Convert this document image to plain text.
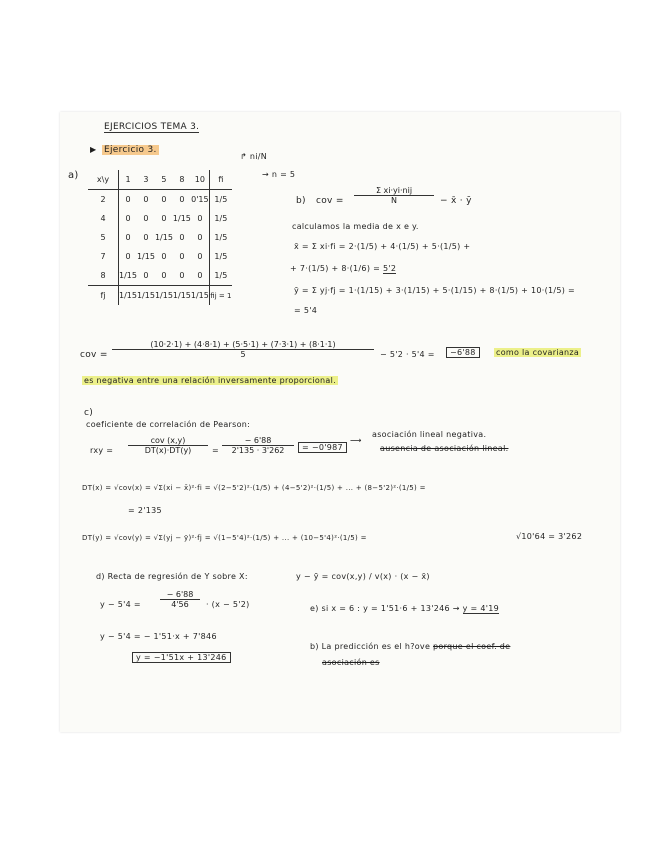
EJERCICIOS TEMA 3.
▶ Ejercicio 3.
a)
↱ ni/N
→ n = 5
x\y	1	3	5	8	10	fi
2	0	0	0	0	0'15	1/5
4	0	0	0	1/15	0	1/5
5	0	0	1/15	0	0	1/5
7	0	1/15	0	0	0	1/5
8	1/15	0	0	0	0	1/5
fj	1/15	1/15	1/15	1/15	1/15	fij = 1
b) cov =
Σ xi·yi·nij
N	− x̄ · ȳ
calculamos la media de x e y.
x̄ = Σ xi·fi = 2·(1/5) + 4·(1/5) + 5·(1/5) +
+ 7·(1/5) + 8·(1/6) = 5'2
ȳ = Σ yj·fj = 1·(1/15) + 3·(1/15) + 5·(1/15) + 8·(1/5) + 10·(1/5) =
= 5'4
cov = $\frac{(10\cdot 2\cdot 1) + (4\cdot 8\cdot 1) + (5\cdot 5\cdot 1) + (7\cdot 3\cdot 1) + (8\cdot 1\cdot 1)}{5} - 5'2 \cdot 5'4$ =	−6'88	como la covarianza
es negativa entre una relación inversamente proporcional.
c)
coeficiente de correlación de Pearson:
rxy =
cov (x,y)
DT(x)·DT(y)	= $\frac{- 6'88}{2'135 \cdot 3'262}$	= −0'987
⟶
asociación lineal negativa.
ausencia de asociación lineal.
DT(x) = √cov(x) = √Σ(xi − x̄)²·fi = √(2−5'2)²·(1/5) + (4−5'2)²·(1/5) + ... + (8−5'2)²·(1/5) =
= 2'135
DT(y) = √cov(y) = √Σ(yj − ȳ)²·fj = √(1−5'4)²·(1/5) + ... + (10−5'4)²·(1/5) =	√10'64 = 3'262
d) Recta de regresión de Y sobre X:	y − ȳ = cov(x,y) / v(x) · (x − x̄)
$y - 5'4 = \frac{- 6'88}{4'56} \cdot (x - 5'2)$
y − 5'4 = − 1'51·x + 7'846
y = −1'51x + 13'246
e) si x = 6 : y = 1'51·6 + 13'246 → y = 4'19
b) La predicción es el h?ove porque el coef. de
asociación es
